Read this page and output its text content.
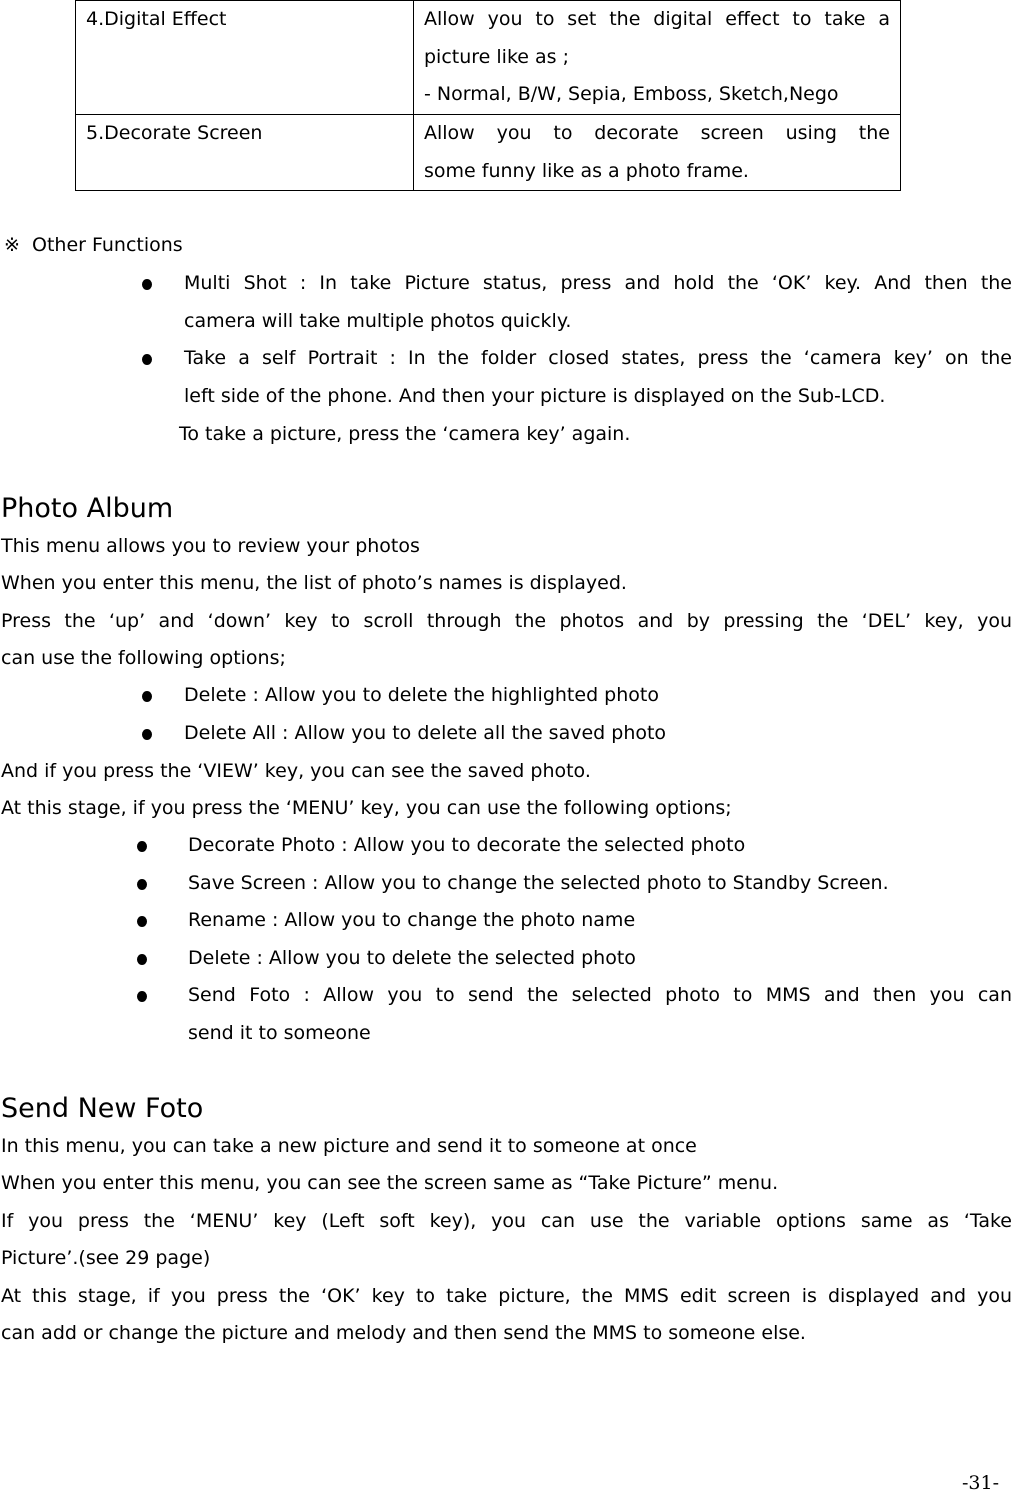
4.Digital Effect	Allow you to set the digital effect to take a
picture like as ;
- Normal, B/W, Sepia, Emboss, Sketch,Nego

5.Decorate Screen	Allow you to decorate screen using the
some funny like as a photo frame.
※ Other Functions
Multi Shot : In take Picture status, press and hold the ‘OK’ key. And then the
camera will take multiple photos quickly.
Take a self Portrait : In the folder closed states, press the ‘camera key’ on the
left side of the phone. And then your picture is displayed on the Sub-LCD.
To take a picture, press the ‘camera key’ again.
Photo Album
This menu allows you to review your photos
When you enter this menu, the list of photo’s names is displayed.
Press the ‘up’ and ‘down’ key to scroll through the photos and by pressing the ‘DEL’ key, you
can use the following options;
Delete : Allow you to delete the highlighted photo
Delete All : Allow you to delete all the saved photo
And if you press the ‘VIEW’ key, you can see the saved photo.
At this stage, if you press the ‘MENU’ key, you can use the following options;
Decorate Photo : Allow you to decorate the selected photo
Save Screen : Allow you to change the selected photo to Standby Screen.
Rename : Allow you to change the photo name
Delete : Allow you to delete the selected photo
Send Foto : Allow you to send the selected photo to MMS and then you can
send it to someone
Send New Foto
In this menu, you can take a new picture and send it to someone at once
When you enter this menu, you can see the screen same as “Take Picture” menu.
If you press the ‘MENU’ key (Left soft key), you can use the variable options same as ‘Take
Picture’.(see 29 page)
At this stage, if you press the ‘OK’ key to take picture, the MMS edit screen is displayed and you
can add or change the picture and melody and then send the MMS to someone else.
-31-
